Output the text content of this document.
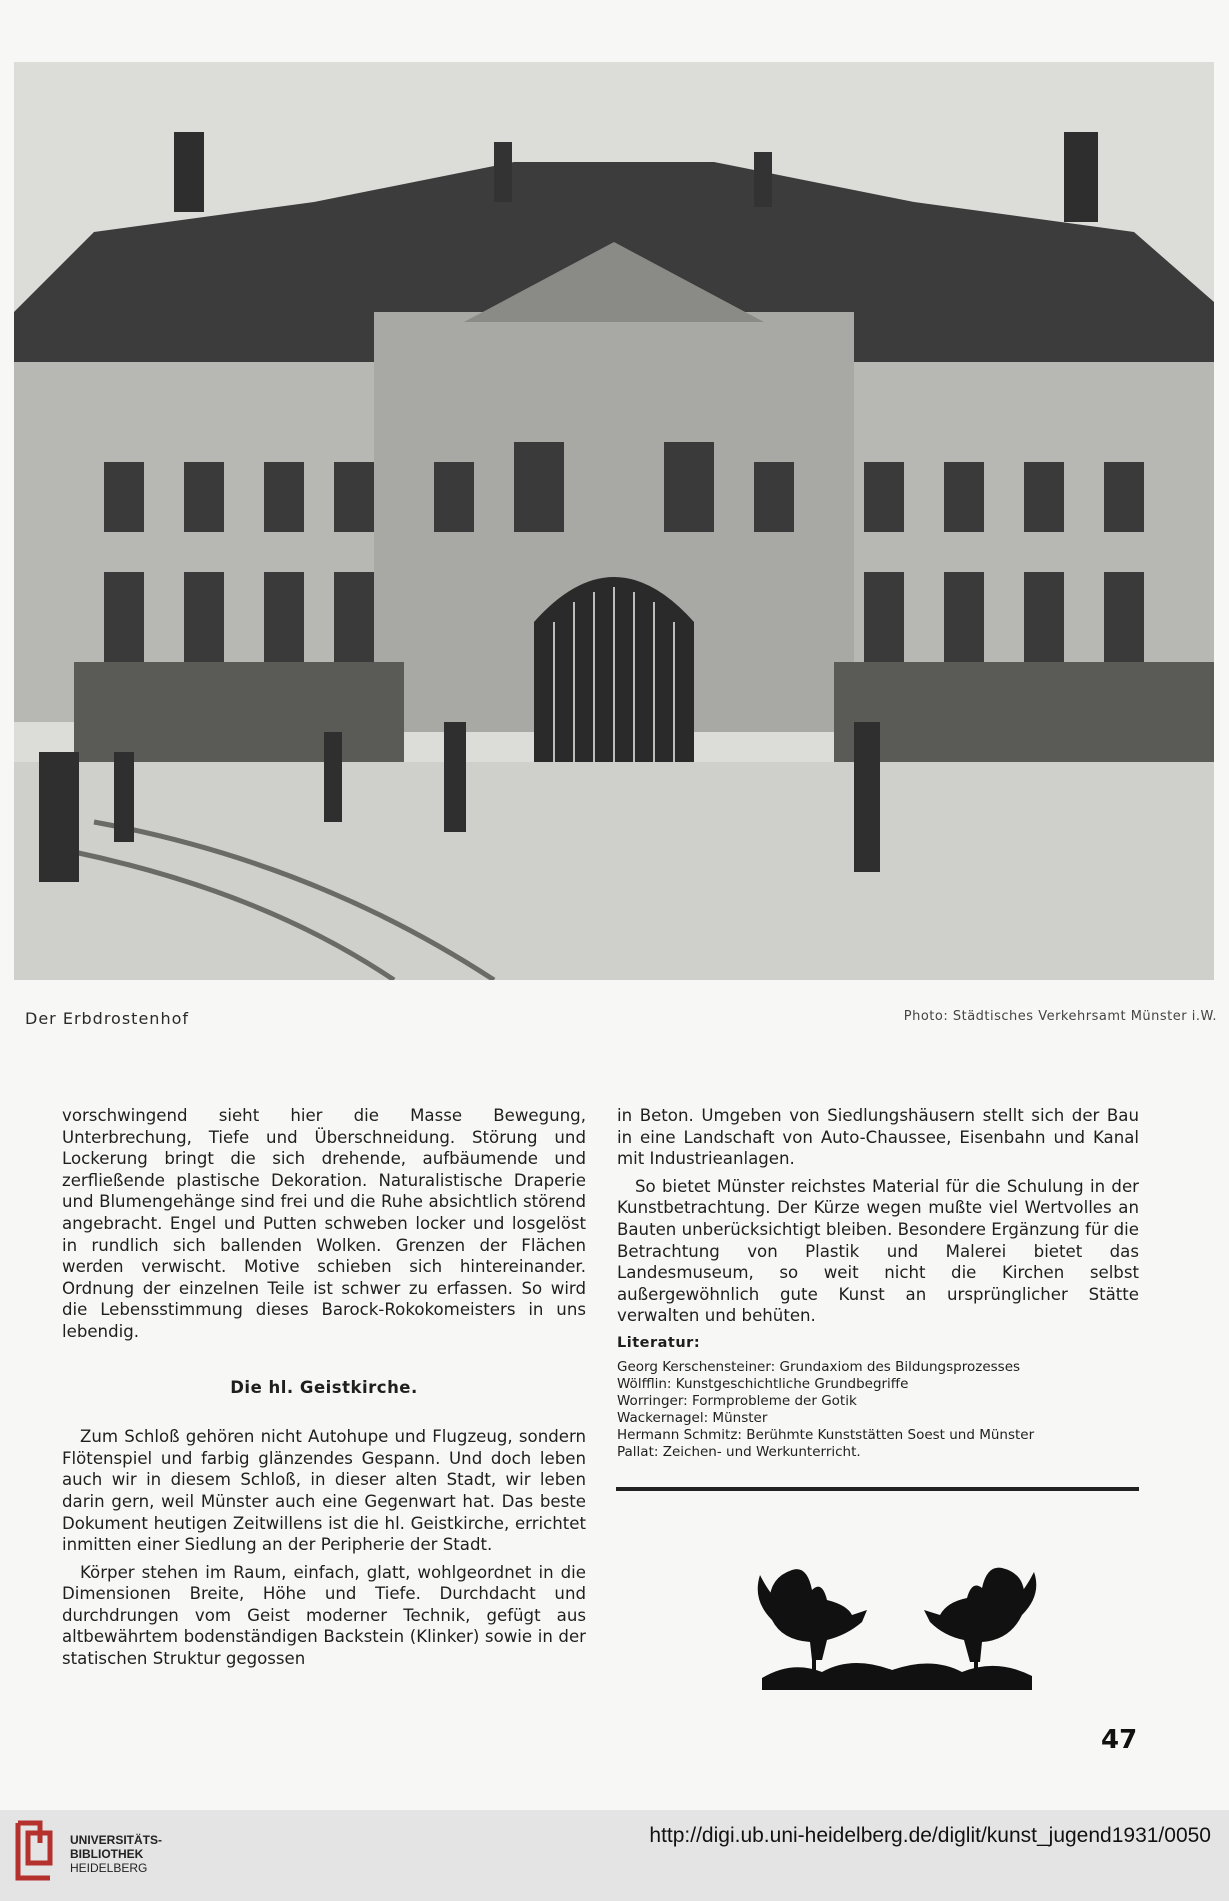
Der Erbdrostenhof	Photo: Städtisches Verkehrsamt Münster i.W.

vorschwingend sieht hier die Masse Bewegung, Unterbrechung, Tiefe und Überschneidung. Störung und Lockerung bringt die sich drehende, aufbäumende und zerfließende plastische Dekoration. Naturalistische Draperie und Blumengehänge sind frei und die Ruhe absichtlich störend angebracht. Engel und Putten schweben locker und losgelöst in rundlich sich ballenden Wolken. Grenzen der Flächen werden verwischt. Motive schieben sich hintereinander. Ordnung der einzelnen Teile ist schwer zu erfassen. So wird die Lebensstimmung dieses Barock-Rokokomeisters in uns lebendig.

Die hl. Geistkirche.

Zum Schloß gehören nicht Autohupe und Flugzeug, sondern Flötenspiel und farbig glänzendes Gespann. Und doch leben auch wir in diesem Schloß, in dieser alten Stadt, wir leben darin gern, weil Münster auch eine Gegenwart hat. Das beste Dokument heutigen Zeitwillens ist die hl. Geistkirche, errichtet inmitten einer Siedlung an der Peripherie der Stadt.

Körper stehen im Raum, einfach, glatt, wohlgeordnet in die Dimensionen Breite, Höhe und Tiefe. Durchdacht und durchdrungen vom Geist moderner Technik, gefügt aus altbewährtem bodenständigen Backstein (Klinker) sowie in der statischen Struktur gegossen

in Beton. Umgeben von Siedlungshäusern stellt sich der Bau in eine Landschaft von Auto-Chaussee, Eisenbahn und Kanal mit Industrieanlagen.

So bietet Münster reichstes Material für die Schulung in der Kunstbetrachtung. Der Kürze wegen mußte viel Wertvolles an Bauten unberücksichtigt bleiben. Besondere Ergänzung für die Betrachtung von Plastik und Malerei bietet das Landesmuseum, so weit nicht die Kirchen selbst außergewöhnlich gute Kunst an ursprünglicher Stätte verwalten und behüten.

Literatur:

Georg Kerschensteiner: Grundaxiom des Bildungsprozesses
Wölfflin: Kunstgeschichtliche Grundbegriffe
Worringer: Formprobleme der Gotik
Wackernagel: Münster
Hermann Schmitz: Berühmte Kunststätten Soest und Münster
Pallat: Zeichen- und Werkunterricht.
47
UNIVERSITÄTS-
BIBLIOTHEK
HEIDELBERG
http://digi.ub.uni-heidelberg.de/diglit/kunst_jugend1931/0050
